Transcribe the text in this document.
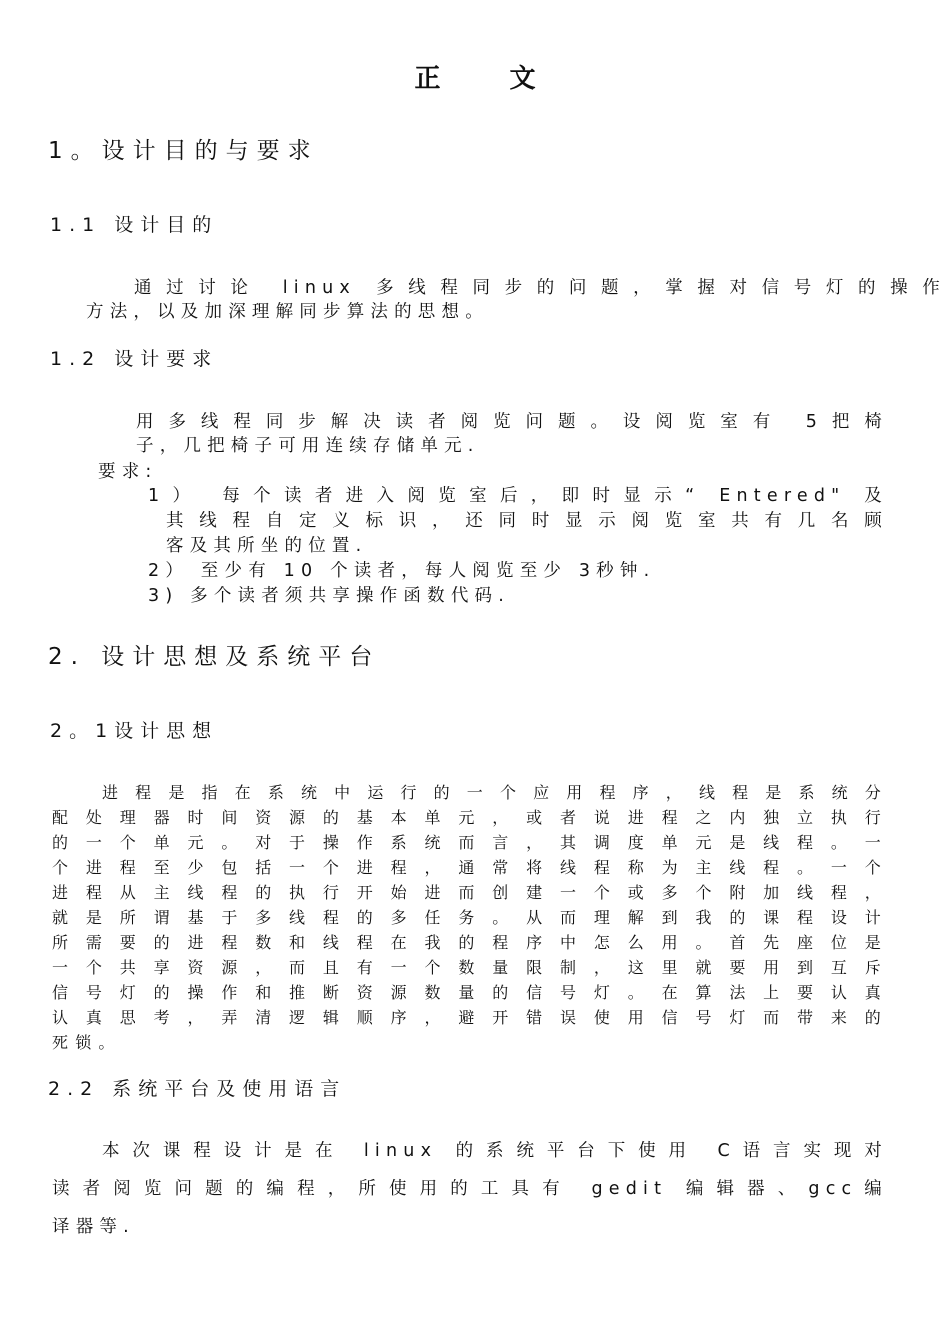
正 文
1。设计目的与要求
1.1 设计目的

通过讨论 linux 多线程同步的问题，掌握对信号灯的操作

方法，以及加深理解同步算法的思想。
1.2 设计要求

用多线程同步解决读者阅览问题。设阅览室有 5把椅

子，几把椅子可用连续存储单元.
要求:

1） 每个读者进入阅览室后，即时显示“ Entered" 及

其线程自定义标识，还同时显示阅览室共有几名顾

客及其所坐的位置.
2） 至少有 10 个读者，每人阅览至少 3秒钟.
3) 多个读者须共享操作函数代码.
2. 设计思想及系统平台
2。1设计思想

进程是指在系统中运行的一个应用程序，线程是系统分

配处理器时间资源的基本单元，或者说进程之内独立执行

的一个单元。对于操作系统而言，其调度单元是线程。一

个进程至少包括一个进程，通常将线程称为主线程。一个

进程从主线程的执行开始进而创建一个或多个附加线程，

就是所谓基于多线程的多任务。从而理解到我的课程设计

所需要的进程数和线程在我的程序中怎么用。首先座位是

一个共享资源，而且有一个数量限制，这里就要用到互斥

信号灯的操作和推断资源数量的信号灯。在算法上要认真

认真思考，弄清逻辑顺序，避开错误使用信号灯而带来的

死锁。
2.2 系统平台及使用语言

本次课程设计是在 linux 的系统平台下使用 C语言实现对

读者阅览问题的编程，所使用的工具有 gedit 编辑器、gcc编

译器等.
